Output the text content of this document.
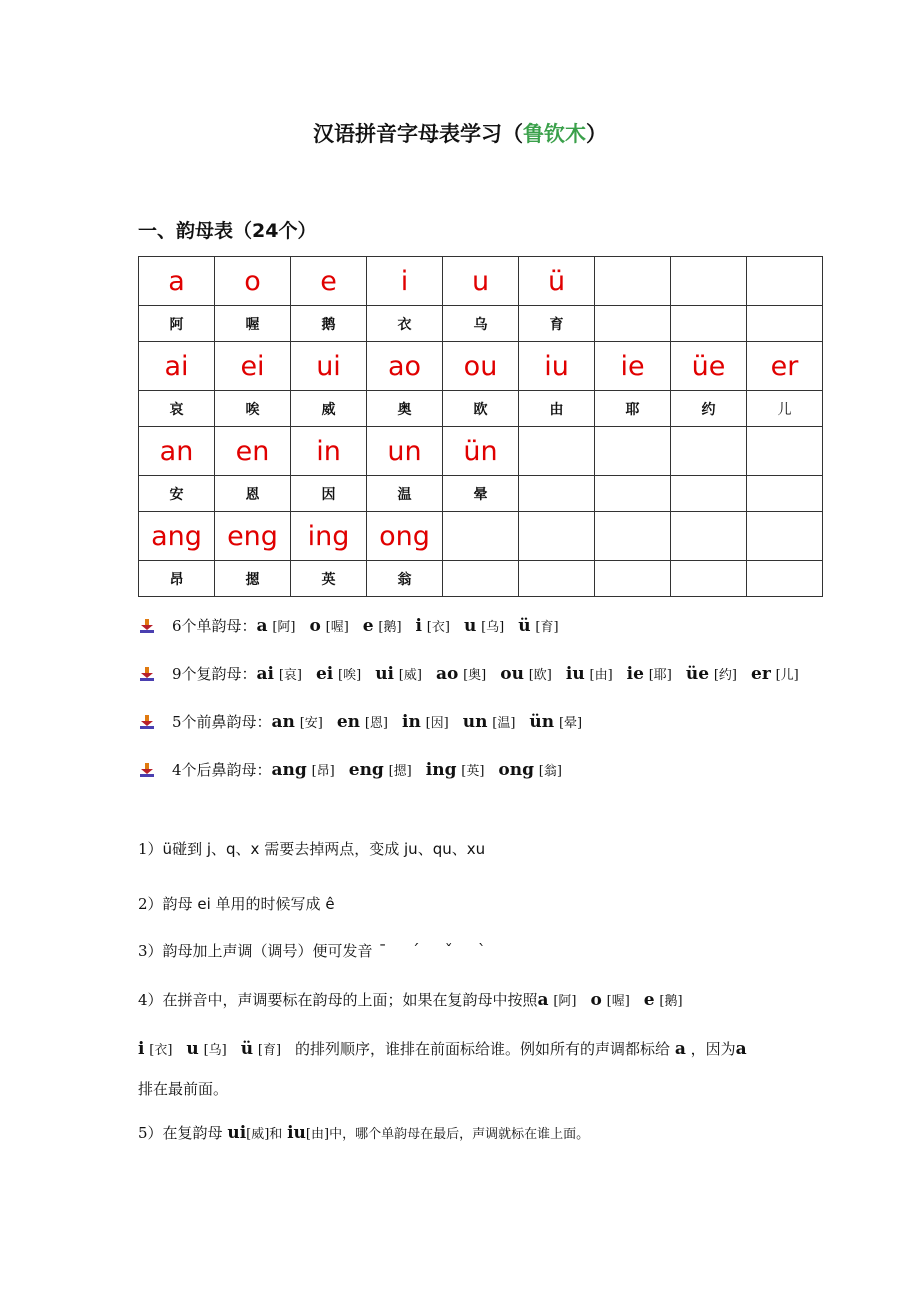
汉语拼音字母表学习（鲁钦木）
一、韵母表（24个）
a	o	e	i	u	ü			
阿	喔	鹅	衣	乌	育			
ai	ei	ui	ao	ou	iu	ie	üe	er
哀	唉	威	奥	欧	由	耶	约	儿
an	en	in	un	ün				
安	恩	因	温	晕				
ang	eng	ing	ong					
昂	摁	英	翁					
6个单韵母： a [阿] o [喔] e [鹅] i [衣] u [乌] ü [育]
9个复韵母： ai [哀] ei [唉] ui [威] ao [奥] ou [欧] iu [由] ie [耶] üe [约] er [儿]
5个前鼻韵母： an [安] en [恩] in [因] un [温] ün [晕]
4个后鼻韵母： ang [昂] eng [摁] ing [英] ong [翁]
1）ü碰到 j、q、x 需要去掉两点，变成 ju、qu、xu
2）韵母 ei 单用的时候写成 ê
3）韵母加上声调（调号）便可发音 ˉ ˊ ˇ ˋ
4）在拼音中，声调要标在韵母的上面；如果在复韵母中按照a [阿] o [喔] e [鹅]
i [衣] u [乌] ü [育] 的排列顺序，谁排在前面标给谁。例如所有的声调都标给 a ，因为a
排在最前面。
5）在复韵母 ui[威]和 iu[由]中，哪个单韵母在最后，声调就标在谁上面。
